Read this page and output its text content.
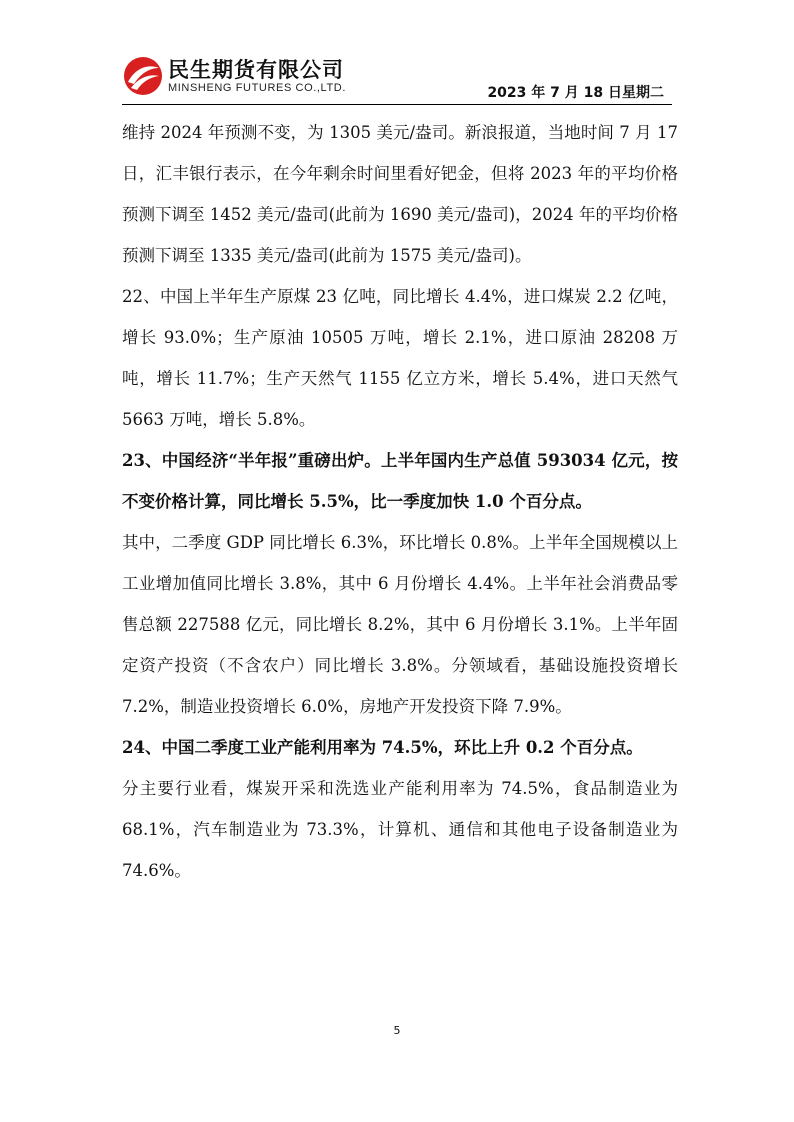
民生期货有限公司
MINSHENG FUTURES CO.,LTD.	2023 年 7 月 18 日星期二

维持 2024 年预测不变，为 1305 美元/盎司。新浪报道，当地时间 7 月 17 日，汇丰银行表示，在今年剩余时间里看好钯金，但将 2023 年的平均价格预测下调至 1452 美元/盎司(此前为 1690 美元/盎司)，2024 年的平均价格预测下调至 1335 美元/盎司(此前为 1575 美元/盎司)。

22、中国上半年生产原煤 23 亿吨，同比增长 4.4%，进口煤炭 2.2 亿吨，增长 93.0%；生产原油 10505 万吨，增长 2.1%，进口原油 28208 万吨，增长 11.7%；生产天然气 1155 亿立方米，增长 5.4%，进口天然气 5663 万吨，增长 5.8%。

23、中国经济“半年报”重磅出炉。上半年国内生产总值 593034 亿元，按不变价格计算，同比增长 5.5%，比一季度加快 1.0 个百分点。

其中，二季度 GDP 同比增长 6.3%，环比增长 0.8%。上半年全国规模以上工业增加值同比增长 3.8%，其中 6 月份增长 4.4%。上半年社会消费品零售总额 227588 亿元，同比增长 8.2%，其中 6 月份增长 3.1%。上半年固定资产投资（不含农户）同比增长 3.8%。分领域看，基础设施投资增长 7.2%，制造业投资增长 6.0%，房地产开发投资下降 7.9%。

24、中国二季度工业产能利用率为 74.5%，环比上升 0.2 个百分点。

分主要行业看，煤炭开采和洗选业产能利用率为 74.5%，食品制造业为 68.1%，汽车制造业为 73.3%，计算机、通信和其他电子设备制造业为 74.6%。

5
